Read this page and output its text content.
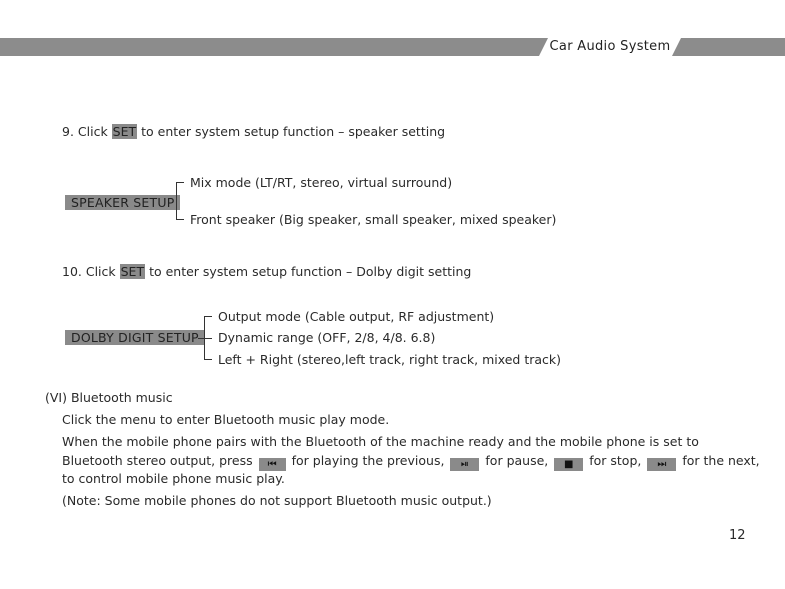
Car Audio System
9. Click SET to enter system setup function – speaker setting
SPEAKER SETUP
Mix mode (LT/RT, stereo, virtual surround)
Front speaker (Big speaker, small speaker, mixed speaker)
10. Click SET to enter system setup function – Dolby digit setting
DOLBY DIGIT SETUP
Output mode (Cable output, RF adjustment)
Dynamic range (OFF, 2/8, 4/8. 6.8)
Left + Right (stereo,left track, right track, mixed track)
(VI) Bluetooth music
Click the menu to enter Bluetooth music play mode.
When the mobile phone pairs with the Bluetooth of the machine ready and the mobile phone is set to
Bluetooth stereo output, press ⏮ for playing the previous, ⏯ for pause, ■ for stop, ⏭ for the next,
to control mobile phone music play.
(Note: Some mobile phones do not support Bluetooth music output.)
12
